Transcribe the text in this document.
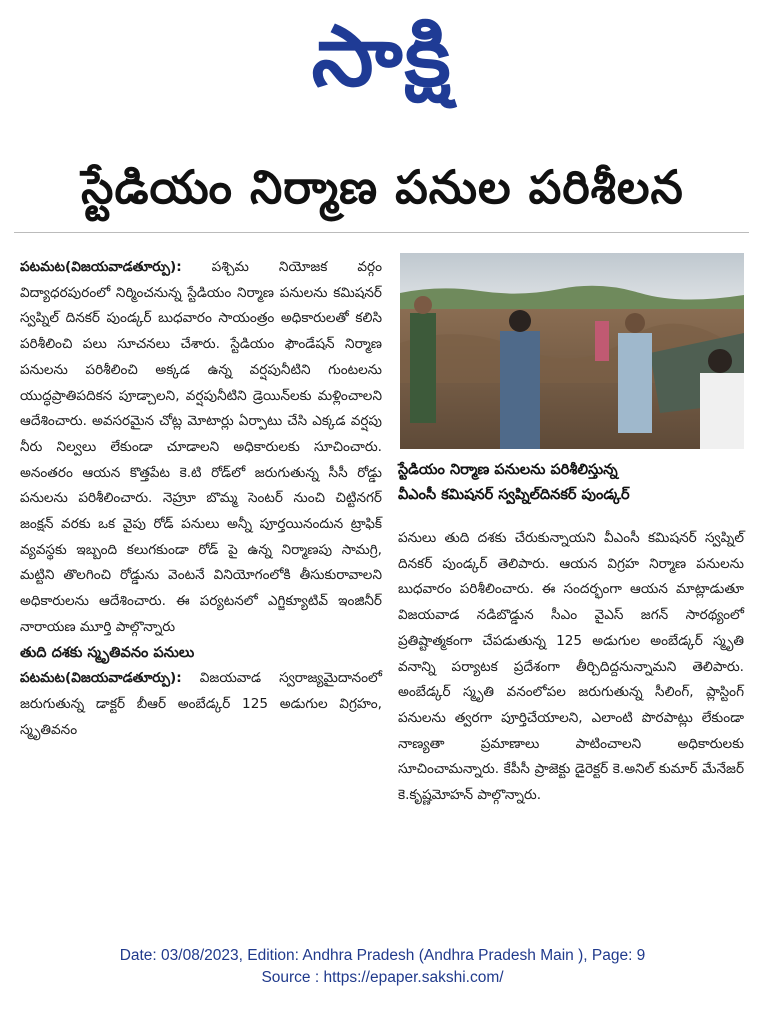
సాక్షి
స్టేడియం నిర్మాణ పనుల పరిశీలన

పటమట(విజయవాడతూర్పు): పశ్చిమ నియోజక వర్గం విద్యాధరపురంలో నిర్మించనున్న స్టేడియం నిర్మాణ పనులను కమిషనర్ స్వప్నిల్ దినకర్ పుండ్కర్ బుధవారం సాయంత్రం అధికారులతో కలిసి పరిశీలించి పలు సూచనలు చేశారు. స్టేడియం ఫౌండేషన్ నిర్మాణ పనులను పరిశీలించి అక్కడ ఉన్న వర్షపునీటిని గుంటలను యుద్ధప్రాతిపదికన పూడ్చాలని, వర్షపునీటిని డ్రెయిన్‌లకు మళ్లించాలని ఆదేశించారు. అవసరమైన చోట్ల మోటార్లు ఏర్పాటు చేసి ఎక్కడ వర్షపు నీరు నిల్వలు లేకుండా చూడాలని అధికారులకు సూచించారు. అనంతరం ఆయన కొత్తపేట కె.టి రోడ్‌లో జరుగుతున్న సీసీ రోడ్డు పనులను పరిశీలించారు. నెహ్రూ బొమ్మ సెంటర్ నుంచి చిట్టినగర్ జంక్షన్ వరకు ఒక వైపు రోడ్ పనులు అన్నీ పూర్తయినందున ట్రాఫిక్ వ్యవస్థకు ఇబ్బంది కలుగకుండా రోడ్ పై ఉన్న నిర్మాణపు సామగ్రి, మట్టిని తొలగించి రోడ్డును వెంటనే వినియోగంలోకి తీసుకురావాలని అధికారులను ఆదేశించారు. ఈ పర్యటనలో ఎగ్జిక్యూటివ్ ఇంజినీర్ నారాయణ మూర్తి పాల్గొన్నారు

తుది దశకు స్మృతివనం పనులు

పటమట(విజయవాడతూర్పు): విజయవాడ స్వరాజ్యమైదానంలో జరుగుతున్న డాక్టర్ బీఆర్ అంబేడ్కర్ 125 అడుగుల విగ్రహం, స్మృతివనం

స్టేడియం నిర్మాణ పనులను పరిశీలిస్తున్న
వీఎంసీ కమిషనర్ స్వప్నిల్‌దినకర్ పుండ్కర్

పనులు తుది దశకు చేరుకున్నాయని వీఎంసీ కమిషనర్ స్వప్నిల్ దినకర్ పుండ్కర్ తెలిపారు. ఆయన విగ్రహ నిర్మాణ పనులను బుధవారం పరిశీలించారు. ఈ సందర్భంగా ఆయన మాట్లాడుతూ విజయవాడ నడిబొడ్డున సీఎం వైఎస్ జగన్ సారథ్యంలో ప్రతిష్టాత్మకంగా చేపడుతున్న 125 అడుగుల అంబేడ్కర్ స్మృతి వనాన్ని పర్యాటక ప్రదేశంగా తీర్చిదిద్దనున్నామని తెలిపారు. అంబేడ్కర్ స్మృతి వనంలోపల జరుగుతున్న సీలింగ్, ప్లాస్టింగ్ పనులను త్వరగా పూర్తిచేయాలని, ఎలాంటి పొరపాట్లు లేకుండా నాణ్యతా ప్రమాణాలు పాటించాలని అధికారులకు సూచించామన్నారు. కేపీసీ ప్రాజెక్టు డైరెక్టర్ కె.అనిల్ కుమార్ మేనేజర్ కె.కృష్ణమోహన్ పాల్గొన్నారు.

Date: 03/08/2023, Edition: Andhra Pradesh (Andhra Pradesh Main ), Page: 9
Source : https://epaper.sakshi.com/
